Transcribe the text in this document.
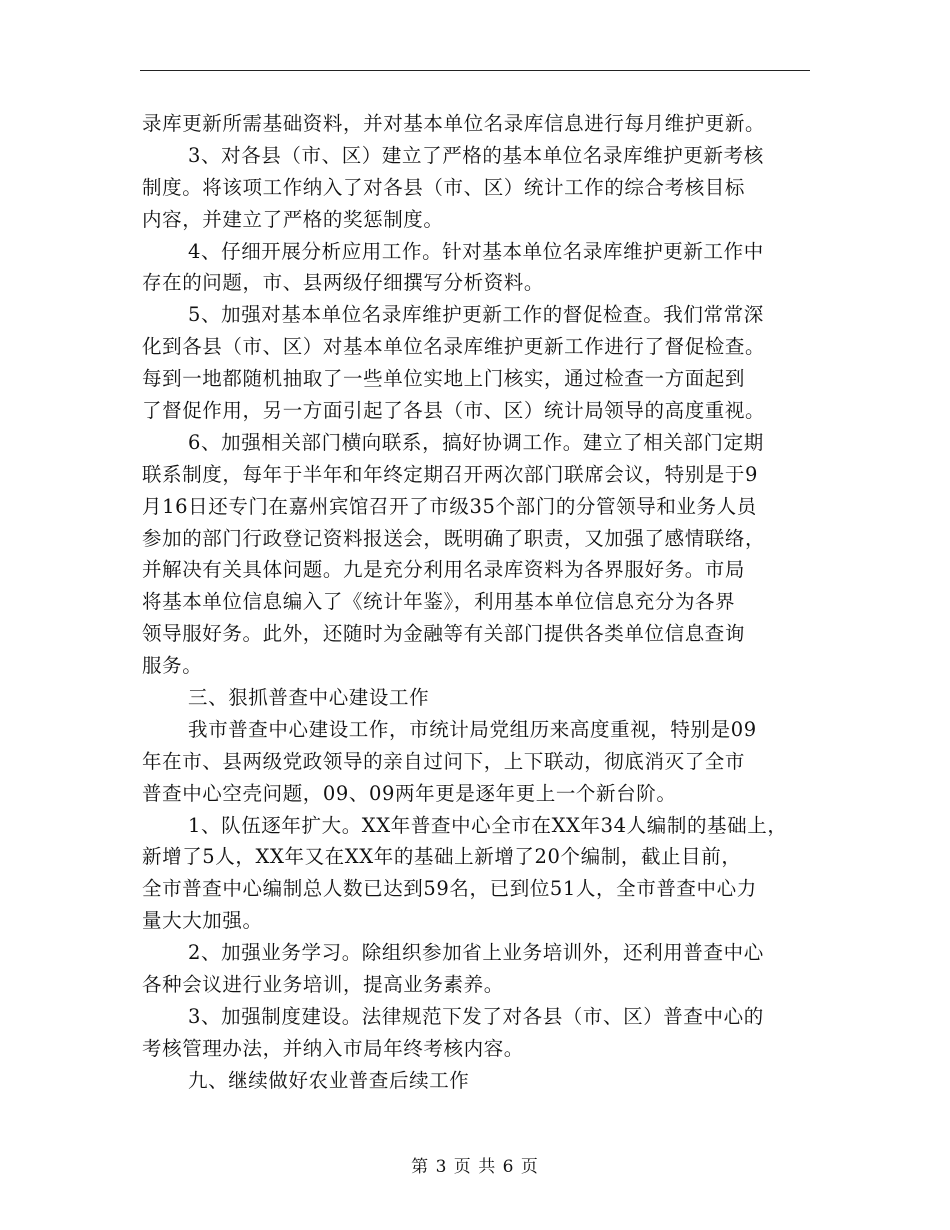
录库更新所需基础资料，并对基本单位名录库信息进行每月维护更新。
3、对各县（市、区）建立了严格的基本单位名录库维护更新考核
制度。将该项工作纳入了对各县（市、区）统计工作的综合考核目标
内容，并建立了严格的奖惩制度。
4、仔细开展分析应用工作。针对基本单位名录库维护更新工作中
存在的问题，市、县两级仔细撰写分析资料。
5、加强对基本单位名录库维护更新工作的督促检查。我们常常深
化到各县（市、区）对基本单位名录库维护更新工作进行了督促检查。
每到一地都随机抽取了一些单位实地上门核实，通过检查一方面起到
了督促作用，另一方面引起了各县（市、区）统计局领导的高度重视。
6、加强相关部门横向联系，搞好协调工作。建立了相关部门定期
联系制度，每年于半年和年终定期召开两次部门联席会议，特别是于9
月16日还专门在嘉州宾馆召开了市级35个部门的分管领导和业务人员
参加的部门行政登记资料报送会，既明确了职责，又加强了感情联络，
并解决有关具体问题。九是充分利用名录库资料为各界服好务。市局
将基本单位信息编入了《统计年鉴》，利用基本单位信息充分为各界
领导服好务。此外，还随时为金融等有关部门提供各类单位信息查询
服务。
三、狠抓普查中心建设工作
我市普查中心建设工作，市统计局党组历来高度重视，特别是09
年在市、县两级党政领导的亲自过问下，上下联动，彻底消灭了全市
普查中心空壳问题，09、09两年更是逐年更上一个新台阶。
1、队伍逐年扩大。XX年普查中心全市在XX年34人编制的基础上，
新增了5人，XX年又在XX年的基础上新增了20个编制，截止目前，
全市普查中心编制总人数已达到59名，已到位51人，全市普查中心力
量大大加强。
2、加强业务学习。除组织参加省上业务培训外，还利用普查中心
各种会议进行业务培训，提高业务素养。
3、加强制度建设。法律规范下发了对各县（市、区）普查中心的
考核管理办法，并纳入市局年终考核内容。
九、继续做好农业普查后续工作
第 3 页 共 6 页
